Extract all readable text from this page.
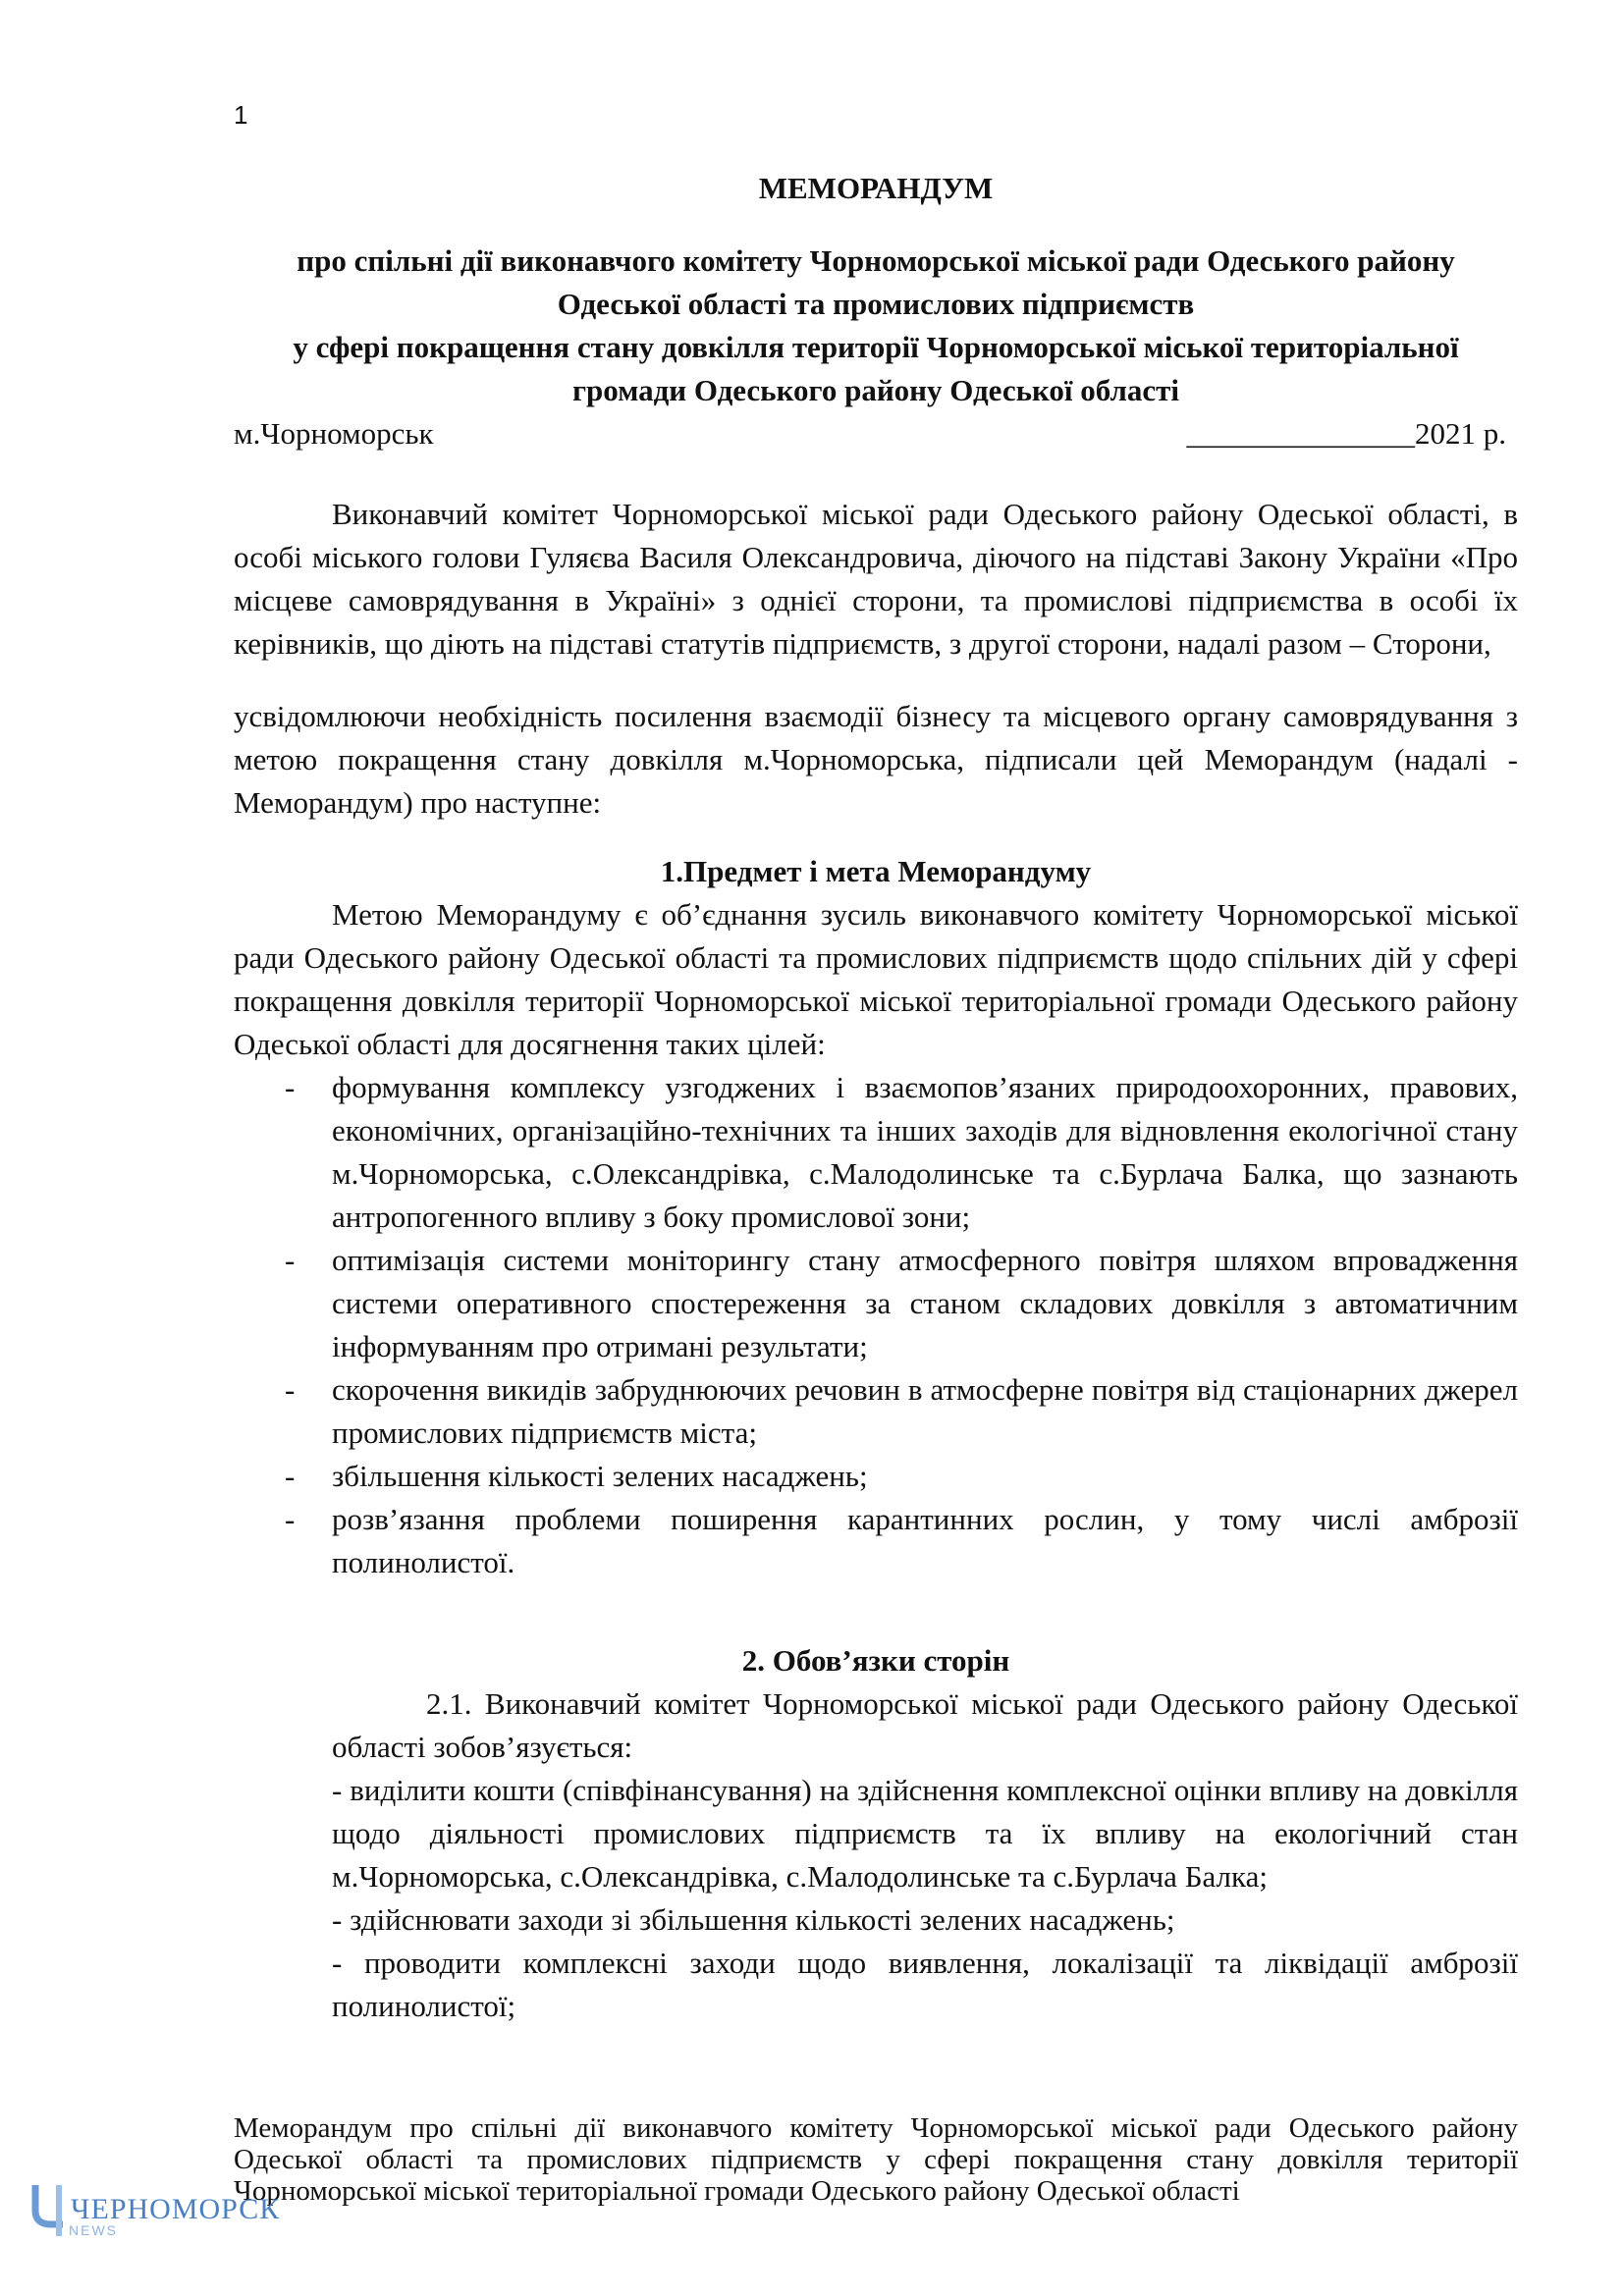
1

МЕМОРАНДУМ

про спільні дії виконавчого комітету Чорноморської міської ради Одеського району

Одеської області та промислових підприємств

у сфері покращення стану довкілля території Чорноморської міської територіальної

громади Одеського району Одеської області

м.Чорноморськ	_______________2021 р.

Виконавчий комітет Чорноморської міської ради Одеського району Одеської області, в особі міського голови Гуляєва Василя Олександровича, діючого на підставі Закону України «Про місцеве самоврядування в Україні» з однієї сторони, та промислові підприємства в особі їх керівників, що діють на підставі статутів підприємств, з другої сторони, надалі разом – Сторони,

усвідомлюючи необхідність посилення взаємодії бізнесу та місцевого органу самоврядування з метою покращення стану довкілля м.Чорноморська, підписали цей Меморандум (надалі - Меморандум) про наступне:

1.Предмет і мета Меморандуму

Метою Меморандуму є об’єднання зусиль виконавчого комітету Чорноморської міської ради Одеського району Одеської області та промислових підприємств щодо спільних дій у сфері покращення довкілля території Чорноморської міської територіальної громади Одеського району Одеської області для досягнення таких цілей:

- формування комплексу узгоджених і взаємопов’язаних природоохоронних, правових, економічних, організаційно-технічних та інших заходів для відновлення екологічної стану м.Чорноморська, с.Олександрівка, с.Малодолинське та с.Бурлача Балка, що зазнають антропогенного впливу з боку промислової зони;
- оптимізація системи моніторингу стану атмосферного повітря шляхом впровадження системи оперативного спостереження за станом складових довкілля з автоматичним інформуванням про отримані результати;
- скорочення викидів забруднюючих речовин в атмосферне повітря від стаціонарних джерел промислових підприємств міста;
- збільшення кількості зелених насаджень;
- розв’язання проблеми поширення карантинних рослин, у тому числі амброзії полинолистої.

2. Обов’язки сторін

2.1. Виконавчий комітет Чорноморської міської ради Одеського району Одеської області зобов’язується:

- виділити кошти (співфінансування) на здійснення комплексної оцінки впливу на довкілля щодо діяльності промислових підприємств та їх впливу на екологічний стан м.Чорноморська, с.Олександрівка, с.Малодолинське та с.Бурлача Балка;

- здійснювати заходи зі збільшення кількості зелених насаджень;

- проводити комплексні заходи щодо виявлення, локалізації та ліквідації амброзії полинолистої;

Меморандум про спільні дії виконавчого комітету Чорноморської міської ради Одеського району Одеської області та промислових підприємств у сфері покращення стану довкілля території Чорноморської міської територіальної громади Одеського району Одеської області
ЧЕРНОМОРСК
NEWS
